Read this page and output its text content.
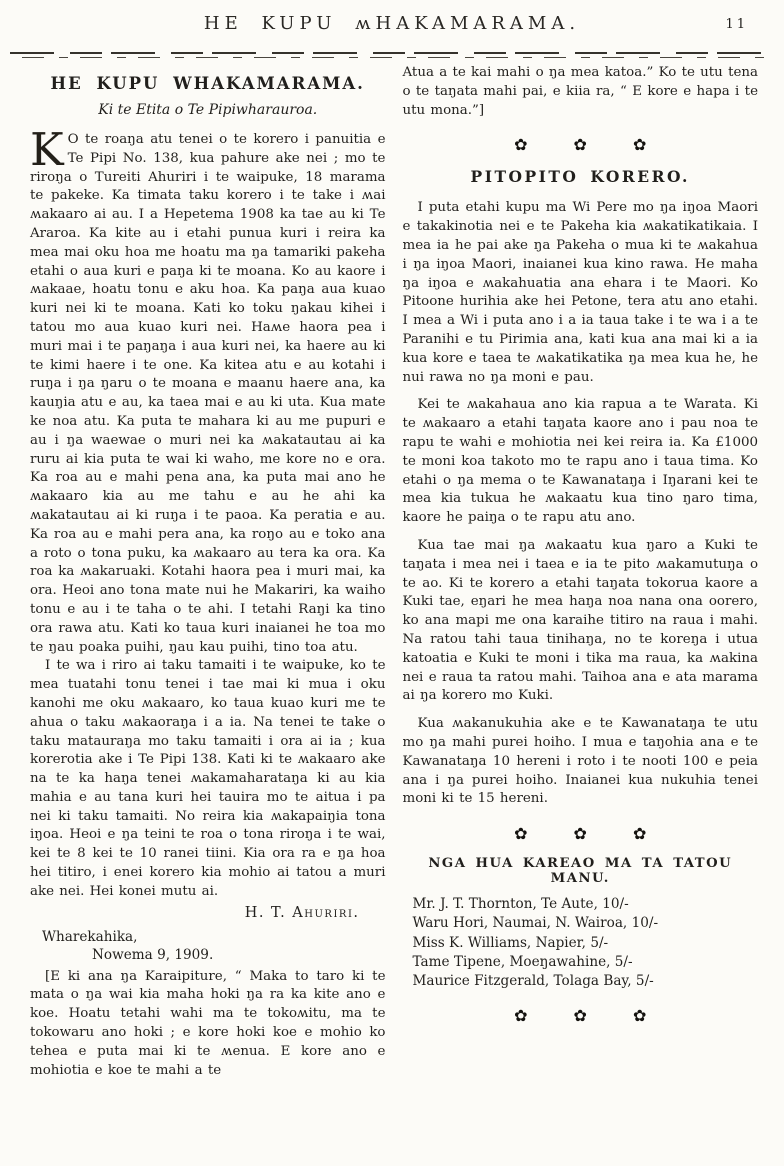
HE KUPU ʍHAKAMARAMA.	11
HE KUPU WHAKAMARAMA.
Ki te Etita o Te Pipiwharauroa.

K O te roaŋa atu tenei o te korero i panuitia e Te Pipi No. 138, kua pahure ake nei ; mo te riroŋa o Tureiti Ahuriri i te waipuke, 18 marama te pakeke. Ka timata taku korero i te take i ʍai ʍakaaro ai au. I a Hepetema 1908 ka tae au ki Te Araroa. Ka kite au i etahi punua kuri i reira ka mea mai oku hoa me hoatu ma ŋa tamariki pakeha etahi o aua kuri e paŋa ki te moana. Ko au kaore i ʍakaae, hoatu tonu e aku hoa. Ka paŋa aua kuao kuri nei ki te moana. Kati ko toku ŋakau kihei i tatou mo aua kuao kuri nei. Haʍe haora pea i muri mai i te paŋaŋa i aua kuri nei, ka haere au ki te kimi haere i te one. Ka kitea atu e au kotahi i ruŋa i ŋa ŋaru o te moana e maanu haere ana, ka kauŋia atu e au, ka taea mai e au ki uta. Kua mate ke noa atu. Ka puta te mahara ki au me pupuri e au i ŋa waewae o muri nei ka ʍakatautau ai ka ruru ai kia puta te wai ki waho, me kore no e ora. Ka roa au e mahi pena ana, ka puta mai ano he ʍakaaro kia au me tahu e au he ahi ka ʍakatautau ai ki ruŋa i te paoa. Ka peratia e au. Ka roa au e mahi pera ana, ka roŋo au e toko ana a roto o tona puku, ka ʍakaaro au tera ka ora. Ka roa ka ʍakaruaki. Kotahi haora pea i muri mai, ka ora. Heoi ano tona mate nui he Makariri, ka waiho tonu e au i te taha o te ahi. I tetahi Raŋi ka tino ora rawa atu. Kati ko taua kuri inaianei he toa mo te ŋau poaka puihi, ŋau kau puihi, tino toa atu.

I te wa i riro ai taku tamaiti i te waipuke, ko te mea tuatahi tonu tenei i tae mai ki mua i oku kanohi me oku ʍakaaro, ko taua kuao kuri me te ahua o taku ʍakaoraŋa i a ia. Na tenei te take o taku matauraŋa mo taku tamaiti i ora ai ia ; kua korerotia ake i Te Pipi 138. Kati ki te ʍakaaro ake na te ka haŋa tenei ʍakamaharataŋa ki au kia mahia e au tana kuri hei tauira mo te aitua i pa nei ki taku tamaiti. No reira kia ʍakapaiŋia tona iŋoa. Heoi e ŋa teini te roa o tona riroŋa i te wai, kei te 8 kei te 10 ranei tiini. Kia ora ra e ŋa hoa hei titiro, i enei korero kia mohio ai tatou a muri ake nei. Hei konei mutu ai.

H. T. Ahuriri.
Wharekahika,
Nowema 9, 1909.

[E ki ana ŋa Karaipiture, “ Maka to taro ki te mata o ŋa wai kia maha hoki ŋa ra ka kite ano e koe. Hoatu tetahi wahi ma te tokoʍitu, ma te tokowaru ano hoki ; e kore hoki koe e mohio ko tehea e puta mai ki te ʍenua. E kore ano e mohiotia e koe te mahi a te

Atua a te kai mahi o ŋa mea katoa.” Ko te utu tena o te taŋata mahi pai, e kiia ra, “ E kore e hapa i te utu mona.”]

✿	✿	✿
PITOPITO KORERO.

I puta etahi kupu ma Wi Pere mo ŋa iŋoa Maori e takakinotia nei e te Pakeha kia ʍakatikatikaia. I mea ia he pai ake ŋa Pakeha o mua ki te ʍakahua i ŋa iŋoa Maori, inaianei kua kino rawa. He maha ŋa iŋoa e ʍakahuatia ana ehara i te Maori. Ko Pitoone hurihia ake hei Petone, tera atu ano etahi. I mea a Wi i puta ano i a ia taua take i te wa i a te Paranihi e tu Pirimia ana, kati kua ana mai ki a ia kua kore e taea te ʍakatikatika ŋa mea kua he, he nui rawa no ŋa moni e pau.

Kei te ʍakahaua ano kia rapua a te Warata. Ki te ʍakaaro a etahi taŋata kaore ano i pau noa te rapu te wahi e mohiotia nei kei reira ia. Ka £1000 te moni koa takoto mo te rapu ano i taua tima. Ko etahi o ŋa mema o te Kawanataŋa i Iŋarani kei te mea kia tukua he ʍakaatu kua tino ŋaro tima, kaore he paiŋa o te rapu atu ano.

Kua tae mai ŋa ʍakaatu kua ŋaro a Kuki te taŋata i mea nei i taea e ia te pito ʍakamutuŋa o te ao. Ki te korero a etahi taŋata tokorua kaore a Kuki tae, eŋari he mea haŋa noa nana ona oorero, ko ana mapi me ona karaihe titiro na raua i mahi. Na ratou tahi taua tinihaŋa, no te koreŋa i utua katoatia e Kuki te moni i tika ma raua, ka ʍakina nei e raua ta ratou mahi. Taihoa ana e ata marama ai ŋa korero mo Kuki.

Kua ʍakanukuhia ake e te Kawanataŋa te utu mo ŋa mahi purei hoiho. I mua e taŋohia ana e te Kawanataŋa 10 hereni i roto i te nooti 100 e peia ana i ŋa purei hoiho. Inaianei kua nukuhia tenei moni ki te 15 hereni.

✿	✿	✿
NGA HUA KAREAO MA TA TATOU MANU.
Mr. J. T. Thornton, Te Aute, 10/-
Waru Hori, Naumai, N. Wairoa, 10/-
Miss K. Williams, Napier, 5/-
Tame Tipene, Moeŋawahine, 5/-
Maurice Fitzgerald, Tolaga Bay, 5/-
✿	✿	✿
